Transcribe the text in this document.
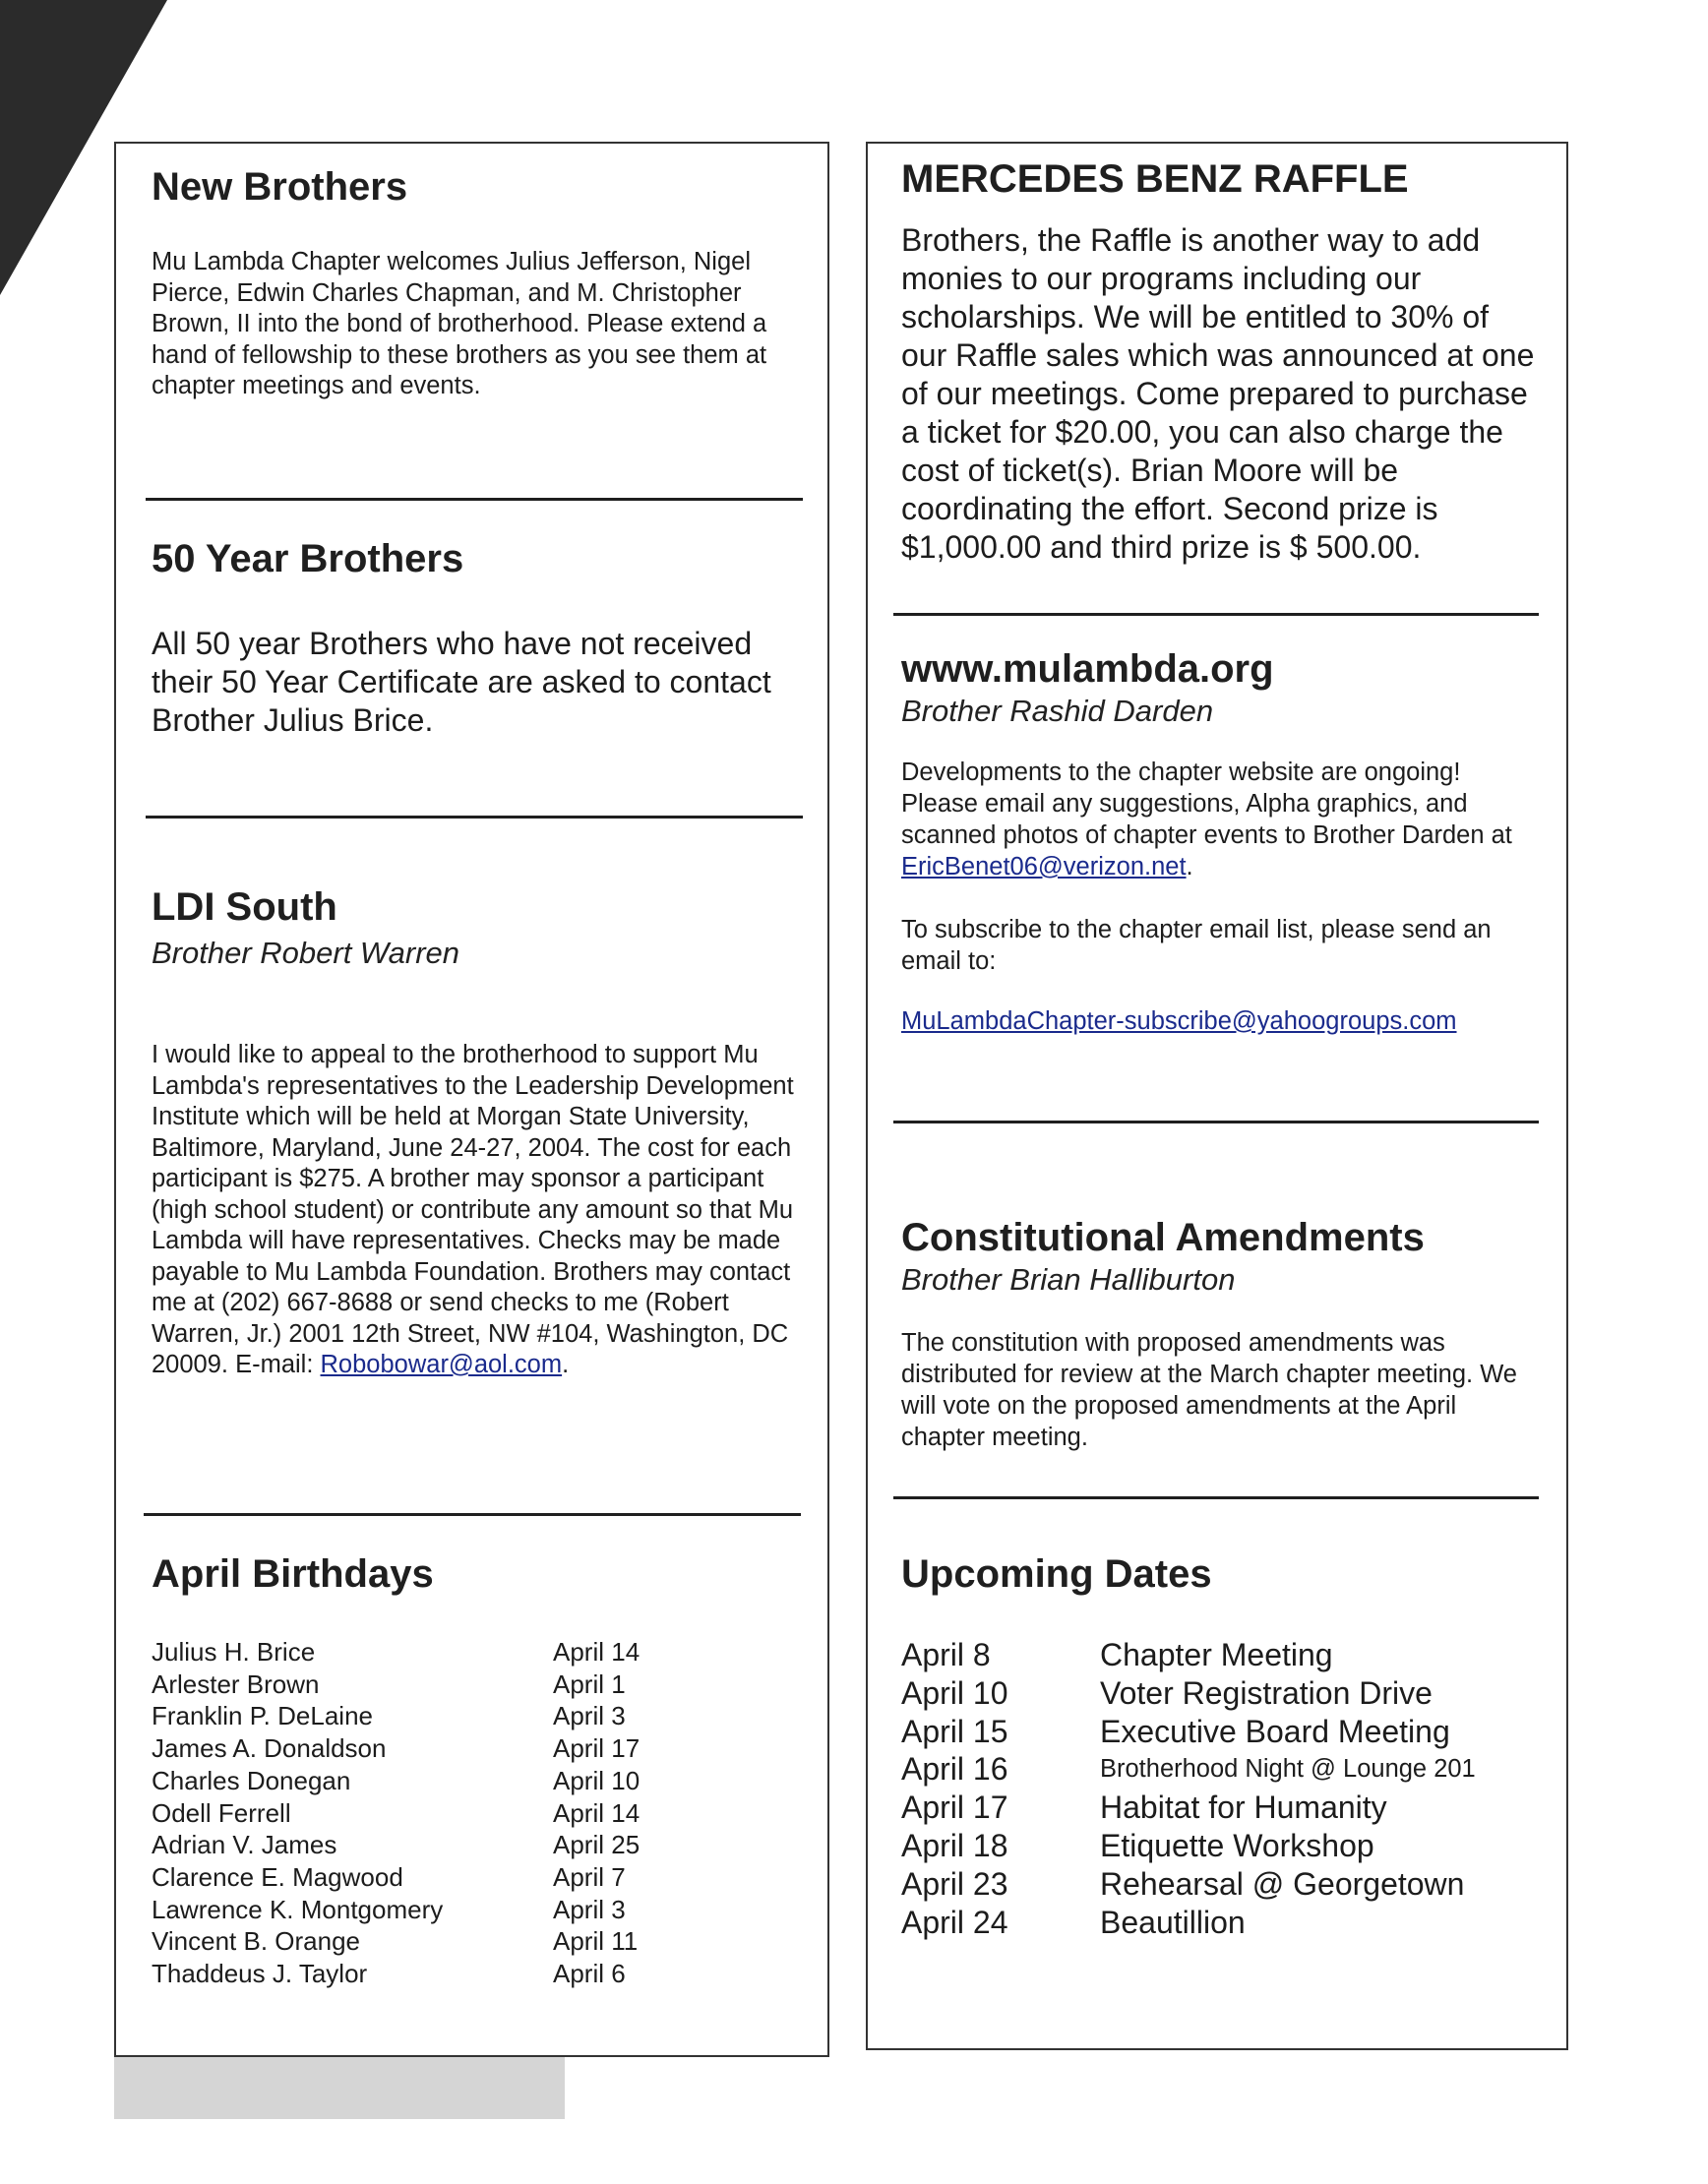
New Brothers

Mu Lambda Chapter welcomes Julius Jefferson, Nigel Pierce, Edwin Charles Chapman, and M. Christopher Brown, II into the bond of brotherhood. Please extend a hand of fellowship to these brothers as you see them at chapter meetings and events.

50 Year Brothers

All 50 year Brothers who have not received their 50 Year Certificate are asked to contact Brother Julius Brice.

LDI South
Brother Robert Warren

I would like to appeal to the brotherhood to support Mu Lambda's representatives to the Leadership Development Institute which will be held at Morgan State University, Baltimore, Maryland, June 24-27, 2004. The cost for each participant is $275. A brother may sponsor a participant (high school student) or contribute any amount so that Mu Lambda will have representatives. Checks may be made payable to Mu Lambda Foundation. Brothers may contact me at (202) 667-8688 or send checks to me (Robert Warren, Jr.) 2001 12th Street, NW #104, Washington, DC 20009. E-mail: Robobowar@aol.com.

April Birthdays
Julius H. Brice	April 14
Arlester Brown	April 1
Franklin P. DeLaine	April 3
James A. Donaldson	April 17
Charles Donegan	April 10
Odell Ferrell	April 14
Adrian V. James	April 25
Clarence E. Magwood	April 7
Lawrence K. Montgomery	April 3
Vincent B. Orange	April 11
Thaddeus J. Taylor	April 6
MERCEDES BENZ RAFFLE

Brothers, the Raffle is another way to add monies to our programs including our scholarships. We will be entitled to 30% of our Raffle sales which was announced at one of our meetings. Come prepared to purchase a ticket for $20.00, you can also charge the cost of ticket(s). Brian Moore will be coordinating the effort. Second prize is $1,000.00 and third prize is $ 500.00.

www.mulambda.org
Brother Rashid Darden

Developments to the chapter website are ongoing! Please email any suggestions, Alpha graphics, and scanned photos of chapter events to Brother Darden at EricBenet06@verizon.net.

To subscribe to the chapter email list, please send an email to:

MuLambdaChapter-subscribe@yahoogroups.com

Constitutional Amendments
Brother Brian Halliburton

The constitution with proposed amendments was distributed for review at the March chapter meeting. We will vote on the proposed amendments at the April chapter meeting.

Upcoming Dates
April 8	Chapter Meeting
April 10	Voter Registration Drive
April 15	Executive Board Meeting
April 16	Brotherhood Night @ Lounge 201
April 17	Habitat for Humanity
April 18	Etiquette Workshop
April 23	Rehearsal @ Georgetown
April 24	Beautillion
